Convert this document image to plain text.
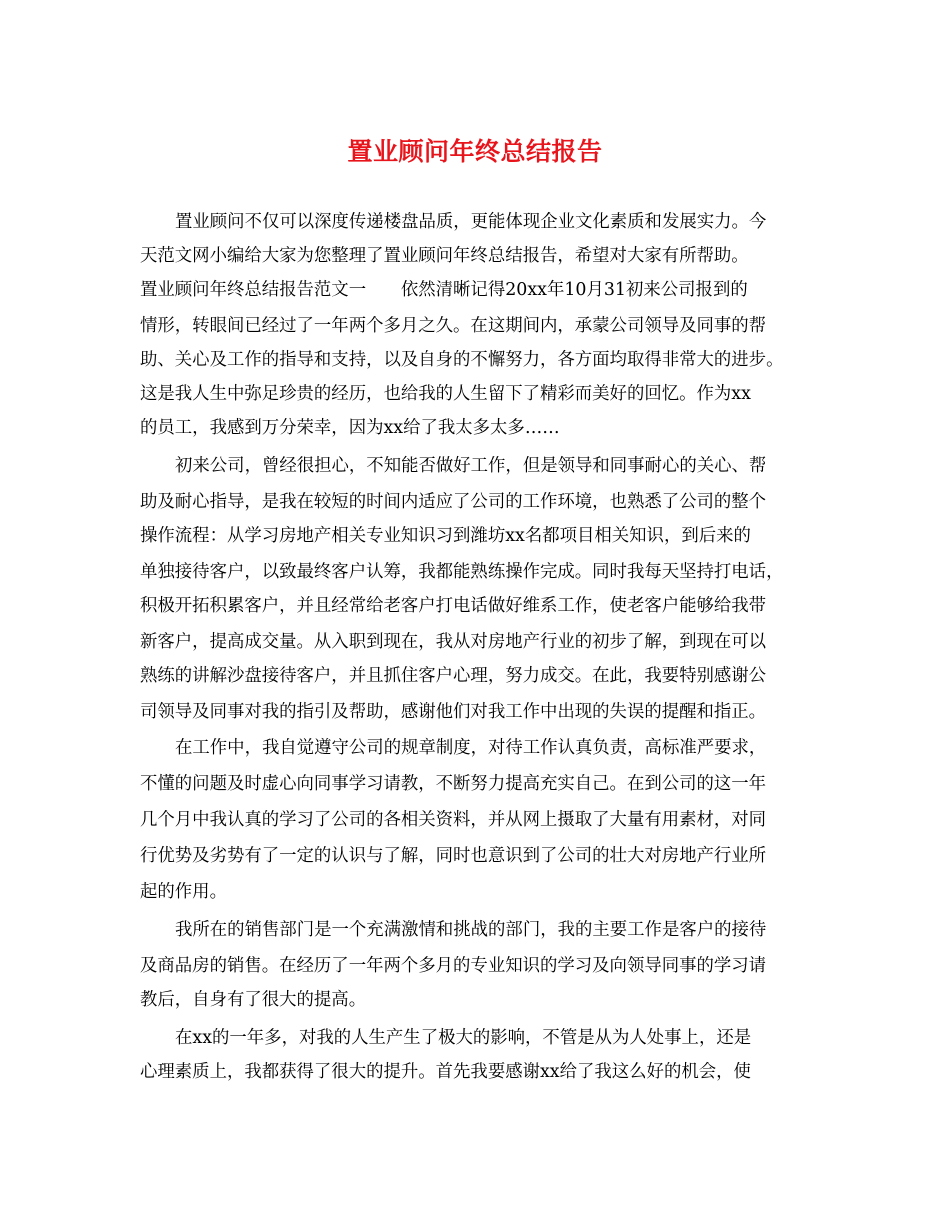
置业顾问年终总结报告
置业顾问不仅可以深度传递楼盘品质，更能体现企业文化素质和发展实力。今
天范文网小编给大家为您整理了置业顾问年终总结报告，希望对大家有所帮助。
置业顾问年终总结报告范文一　　依然清晰记得20xx年10月31初来公司报到的
情形，转眼间已经过了一年两个多月之久。在这期间内，承蒙公司领导及同事的帮
助、关心及工作的指导和支持，以及自身的不懈努力，各方面均取得非常大的进步。
这是我人生中弥足珍贵的经历，也给我的人生留下了精彩而美好的回忆。作为xx
的员工，我感到万分荣幸，因为xx给了我太多太多……
初来公司，曾经很担心，不知能否做好工作，但是领导和同事耐心的关心、帮
助及耐心指导，是我在较短的时间内适应了公司的工作环境，也熟悉了公司的整个
操作流程：从学习房地产相关专业知识习到潍坊xx名都项目相关知识，到后来的
单独接待客户，以致最终客户认筹，我都能熟练操作完成。同时我每天坚持打电话，
积极开拓积累客户，并且经常给老客户打电话做好维系工作，使老客户能够给我带
新客户，提高成交量。从入职到现在，我从对房地产行业的初步了解，到现在可以
熟练的讲解沙盘接待客户，并且抓住客户心理，努力成交。在此，我要特别感谢公
司领导及同事对我的指引及帮助，感谢他们对我工作中出现的失误的提醒和指正。
在工作中，我自觉遵守公司的规章制度，对待工作认真负责，高标准严要求，
不懂的问题及时虚心向同事学习请教，不断努力提高充实自己。在到公司的这一年
几个月中我认真的学习了公司的各相关资料，并从网上摄取了大量有用素材，对同
行优势及劣势有了一定的认识与了解，同时也意识到了公司的壮大对房地产行业所
起的作用。
我所在的销售部门是一个充满激情和挑战的部门，我的主要工作是客户的接待
及商品房的销售。在经历了一年两个多月的专业知识的学习及向领导同事的学习请
教后，自身有了很大的提高。
在xx的一年多，对我的人生产生了极大的影响，不管是从为人处事上，还是
心理素质上，我都获得了很大的提升。首先我要感谢xx给了我这么好的机会，使
